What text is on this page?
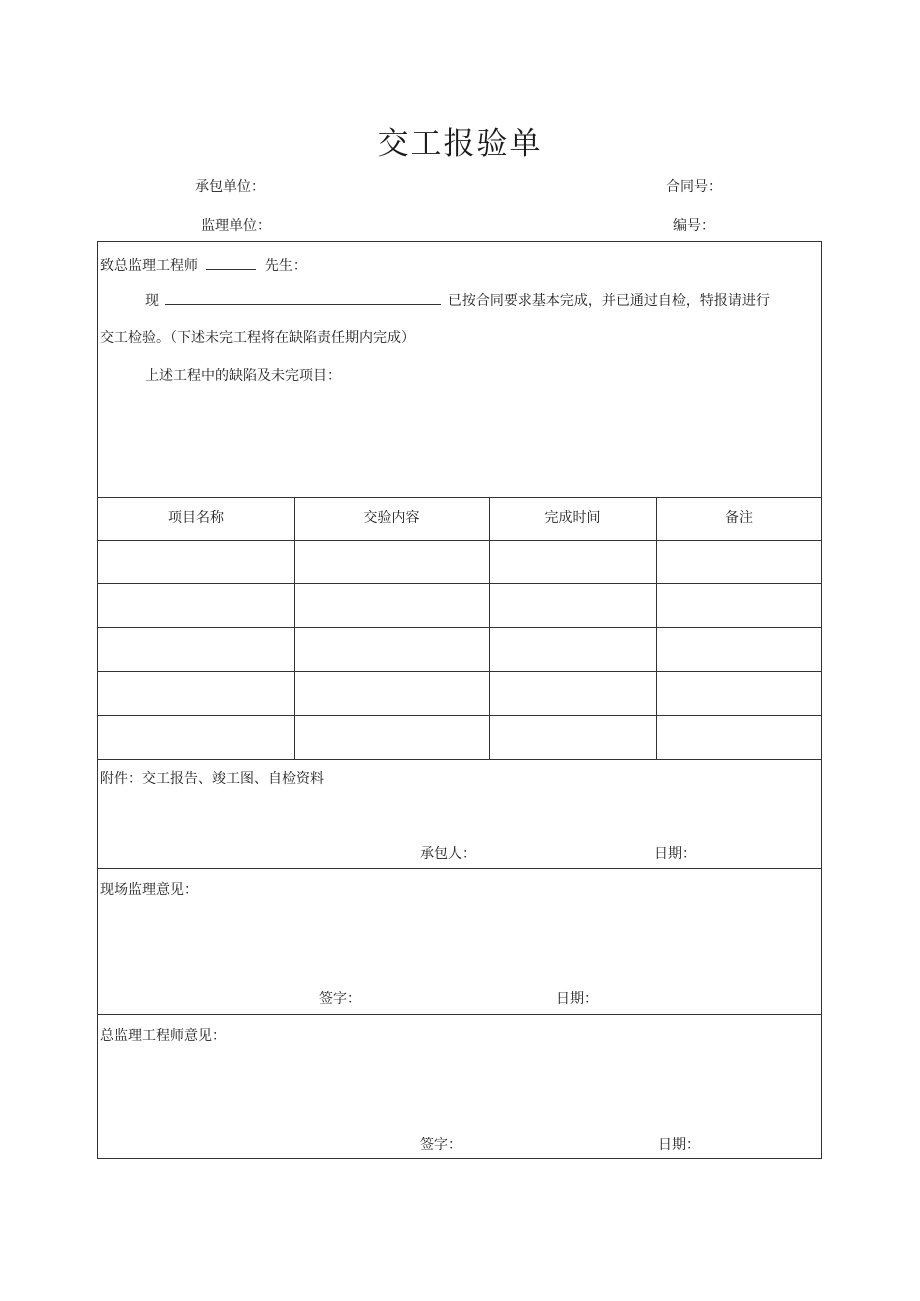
交工报验单
承包单位：	合同号：
监理单位：	编号：
致总监理工程师	先生：
现	已按合同要求基本完成，并已通过自检，特报请进行
交工检验。（下述未完工程将在缺陷责任期内完成）
上述工程中的缺陷及未完项目：
项目名称	交验内容	完成时间	备注
附件：交工报告、竣工图、自检资料
承包人：	日期：
现场监理意见：
签字：	日期：
总监理工程师意见：
签字：	日期：
